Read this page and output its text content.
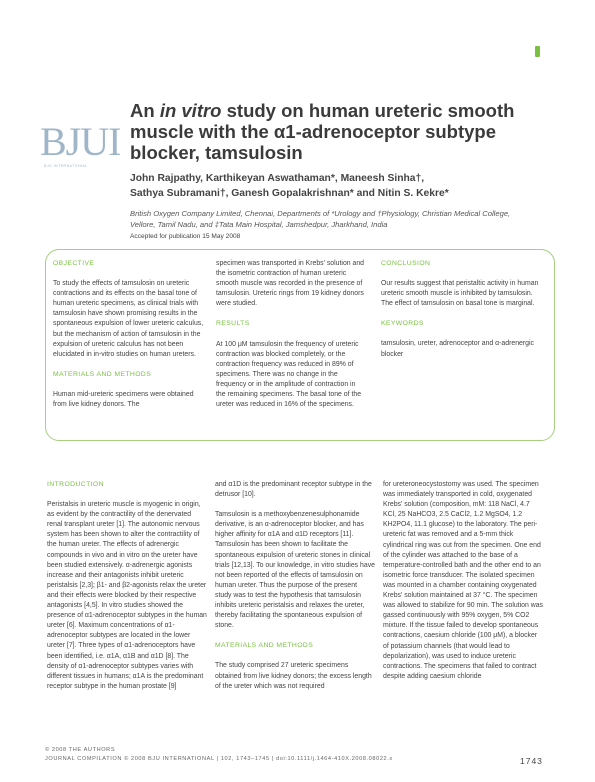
BJUI
BJU INTERNATIONAL
An in vitro study on human ureteric smooth muscle with the α1-adrenoceptor subtype blocker, tamsulosin
John Rajpathy, Karthikeyan Aswathaman*, Maneesh Sinha†,
Sathya Subramani†, Ganesh Gopalakrishnan* and Nitin S. Kekre*
British Oxygen Company Limited, Chennai, Departments of *Urology and †Physiology, Christian Medical College,
Vellore, Tamil Nadu, and ‡Tata Main Hospital, Jamshedpur, Jharkhand, India
Accepted for publication 15 May 2008
OBJECTIVE

To study the effects of tamsulosin on ureteric contractions and its effects on the basal tone of human ureteric specimens, as clinical trials with tamsulosin have shown promising results in the spontaneous expulsion of lower ureteric calculus, but the mechanism of action of tamsulosin in the expulsion of ureteric calculus has not been elucidated in in-vitro studies on human ureters.

MATERIALS AND METHODS

Human mid-ureteric specimens were obtained from live kidney donors. The

specimen was transported in Krebs' solution and the isometric contraction of human ureteric smooth muscle was recorded in the presence of tamsulosin. Ureteric rings from 19 kidney donors were studied.

RESULTS

At 100 μM tamsulosin the frequency of ureteric contraction was blocked completely, or the contraction frequency was reduced in 89% of specimens. There was no change in the frequency or in the amplitude of contraction in the remaining specimens. The basal tone of the ureter was reduced in 16% of the specimens.

CONCLUSION

Our results suggest that peristaltic activity in human ureteric smooth muscle is inhibited by tamsulosin. The effect of tamsulosin on basal tone is marginal.

KEYWORDS

tamsulosin, ureter, adrenoceptor and α-adrenergic blocker

INTRODUCTION

Peristalsis in ureteric muscle is myogenic in origin, as evident by the contractility of the denervated renal transplant ureter [1]. The autonomic nervous system has been shown to alter the contractility of the human ureter. The effects of adrenergic compounds in vivo and in vitro on the ureter have been studied extensively. α-adrenergic agonists increase and their antagonists inhibit ureteric peristalsis [2,3]; β1- and β2-agonists relax the ureter and their effects were blocked by their respective antagonists [4,5]. In vitro studies showed the presence of α1-adrenoceptor subtypes in the human ureter [6]. Maximum concentrations of α1-adrenoceptor subtypes are located in the lower ureter [7]. Three types of α1-adrenoceptors have been identified, i.e. α1A, α1B and α1D [8]. The density of α1-adrenoceptor subtypes varies with different tissues in humans; α1A is the predominant receptor subtype in the human prostate [9]

and α1D is the predominant receptor subtype in the detrusor [10].

Tamsulosin is a methoxybenzenesulphonamide derivative, is an α-adrenoceptor blocker, and has higher affinity for α1A and α1D receptors [11]. Tamsulosin has been shown to facilitate the spontaneous expulsion of ureteric stones in clinical trials [12,13]. To our knowledge, in vitro studies have not been reported of the effects of tamsulosin on human ureter. Thus the purpose of the present study was to test the hypothesis that tamsulosin inhibits ureteric peristalsis and relaxes the ureter, thereby facilitating the spontaneous expulsion of stone.

MATERIALS AND METHODS

The study comprised 27 ureteric specimens obtained from live kidney donors; the excess length of the ureter which was not required

for ureteroneocystostomy was used. The specimen was immediately transported in cold, oxygenated Krebs' solution (composition, mM: 118 NaCl, 4.7 KCl, 25 NaHCO3, 2.5 CaCl2, 1.2 MgSO4, 1.2 KH2PO4, 11.1 glucose) to the laboratory. The peri-ureteric fat was removed and a 5-mm thick cylindrical ring was cut from the specimen. One end of the cylinder was attached to the base of a temperature-controlled bath and the other end to an isometric force transducer. The isolated specimen was mounted in a chamber containing oxygenated Krebs' solution maintained at 37 °C. The specimen was allowed to stabilize for 90 min. The solution was gassed continuously with 95% oxygen, 5% CO2 mixture. If the tissue failed to develop spontaneous contractions, caesium chloride (100 μM), a blocker of potassium channels (that would lead to depolarization), was used to induce ureteric contractions. The specimens that failed to contract despite adding caesium chloride

© 2008 THE AUTHORS
JOURNAL COMPILATION © 2008 BJU INTERNATIONAL | 102, 1743–1745 | doi:10.1111/j.1464-410X.2008.08022.x	1743
